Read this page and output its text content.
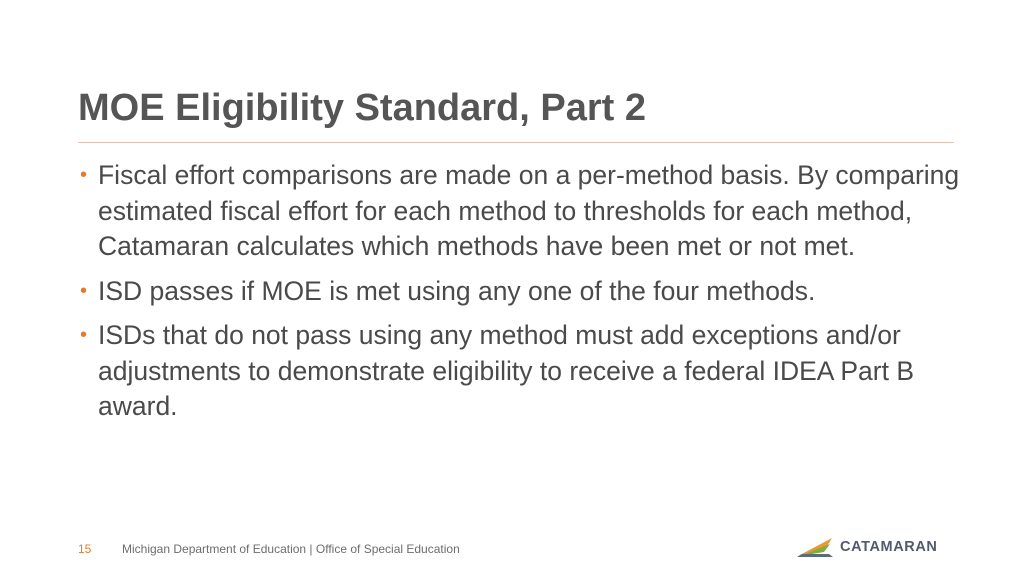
MOE Eligibility Standard, Part 2
• Fiscal effort comparisons are made on a per-method basis. By comparing estimated fiscal effort for each method to thresholds for each method, Catamaran calculates which methods have been met or not met.
• ISD passes if MOE is met using any one of the four methods.
• ISDs that do not pass using any method must add exceptions and/or adjustments to demonstrate eligibility to receive a federal IDEA Part B award.
15	Michigan Department of Education | Office of Special Education	CATAMARAN
